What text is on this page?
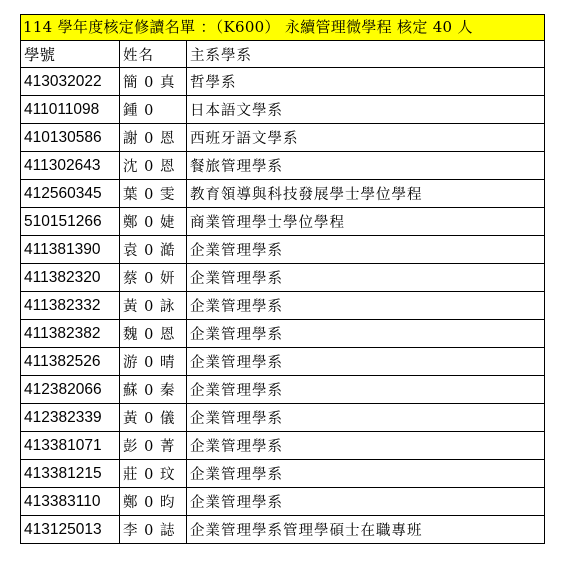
114 學年度核定修讀名單 ：（K600） 永續管理微學程 核定 40 人
學號	姓名	主系學系
413032022	簡 0 真	哲學系
411011098	鍾 0	日本語文學系
410130586	謝 0 恩	西班牙語文學系
411302643	沈 0 恩	餐旅管理學系
412560345	葉 0 雯	教育領導與科技發展學士學位學程
510151266	鄭 0 婕	商業管理學士學位學程
411381390	袁 0 澔	企業管理學系
411382320	蔡 0 妍	企業管理學系
411382332	黃 0 詠	企業管理學系
411382382	魏 0 恩	企業管理學系
411382526	游 0 晴	企業管理學系
412382066	蘇 0 秦	企業管理學系
412382339	黃 0 儀	企業管理學系
413381071	彭 0 菁	企業管理學系
413381215	莊 0 玟	企業管理學系
413383110	鄭 0 昀	企業管理學系
413125013	李 0 誌	企業管理學系管理學碩士在職專班
